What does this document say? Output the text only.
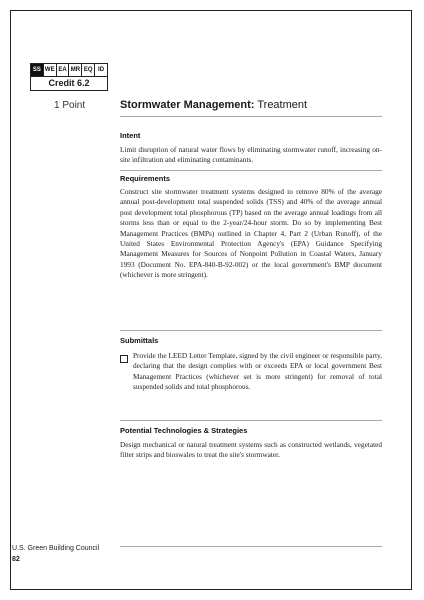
SS WE EA MR EQ ID
Credit 6.2
1 Point	Stormwater Management: Treatment
Intent

Limit disruption of natural water flows by eliminating stormwater runoff, increasing on-site infiltration and eliminating contaminants.

Requirements

Construct site stormwater treatment systems designed to remove 80% of the average annual post-development total suspended solids (TSS) and 40% of the average annual post development total phosphorous (TP) based on the average annual loadings from all storms less than or equal to the 2-year/24-hour storm. Do so by implementing Best Management Practices (BMPs) outlined in Chapter 4, Part 2 (Urban Runoff), of the United States Environmental Protection Agency's (EPA) Guidance Specifying Management Measures for Sources of Nonpoint Pollution in Coastal Waters, January 1993 (Document No. EPA-840-B-92-002) or the local government's BMP document (whichever is more stringent).

Submittals

Provide the LEED Letter Template, signed by the civil engineer or responsible party, declaring that the design complies with or exceeds EPA or local government Best Management Practices (whichever set is more stringent) for removal of total suspended solids and total phosphorous.

Potential Technologies & Strategies

Design mechanical or natural treatment systems such as constructed wetlands, vegetated filter strips and bioswales to treat the site's stormwater.

U.S. Green Building Council
82
